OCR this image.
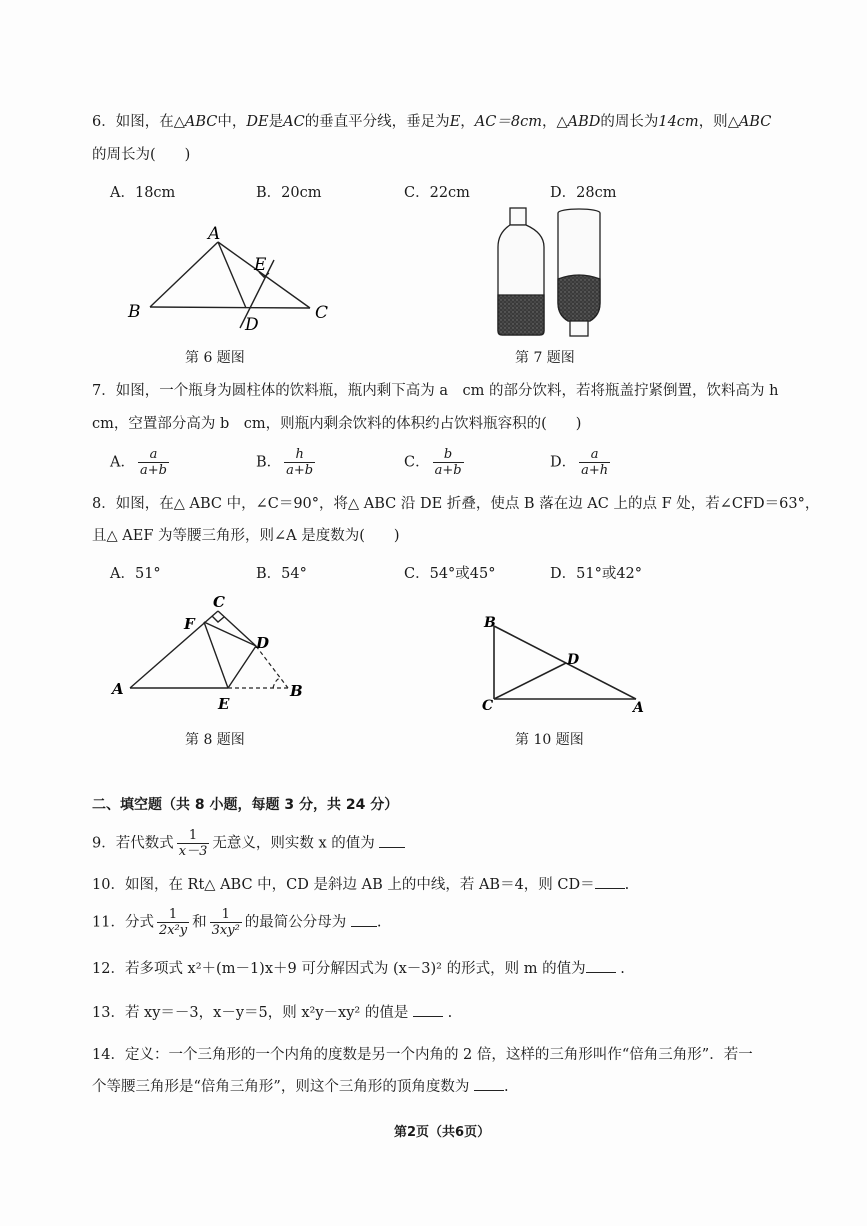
6．如图，在△ABC中，DE是AC的垂直平分线，垂足为E，AC＝8cm，△ABD的周长为14cm，则△ABC
的周长为(　　)
A．18cm	B．20cm	C．22cm	D．28cm
A
E
B
D
C
第 6 题图	第 7 题图
7．如图，一个瓶身为圆柱体的饮料瓶，瓶内剩下高为 a　cm 的部分饮料，若将瓶盖拧紧倒置，饮料高为 h
cm，空置部分高为 b　cm，则瓶内剩余饮料的体积约占饮料瓶容积的(　　)
A． $\frac{a}{a+b}$	B． $\frac{h}{a+b}$	C． $\frac{b}{a+b}$	D． $\frac{a}{a+h}$
8．如图，在△ ABC 中，∠C＝90°，将△ ABC 沿 DE 折叠，使点 B 落在边 AC 上的点 F 处，若∠CFD＝63°，
且△ AEF 为等腰三角形，则∠A 是度数为(　　)
A．51°	B．54°	C．54°或45°	D．51°或42°
C
F
D
A
E
B
第 8 题图
B
D
C	A
第 10 题图
二、填空题（共 8 小题，每题 3 分，共 24 分）
9．若代数式 $\frac{1}{x-3}$ 无意义，则实数 x 的值为
10．如图，在 Rt△ ABC 中，CD 是斜边 AB 上的中线，若 AB＝4，则 CD＝ .
11．分式 $\frac{1}{\text{2x²y}}$ 和 $\frac{1}{\text{3xy²}}$ 的最简公分母为 .
12．若多项式 x²＋(m－1)x＋9 可分解因式为 (x－3)² 的形式，则 m 的值为 .
13．若 xy＝－3，x－y＝5，则 x²y－xy² 的值是	.
14．定义：一个三角形的一个内角的度数是另一个内角的 2 倍，这样的三角形叫作“倍角三角形”．若一
个等腰三角形是“倍角三角形”，则这个三角形的顶角度数为 .
第2页（共6页）
